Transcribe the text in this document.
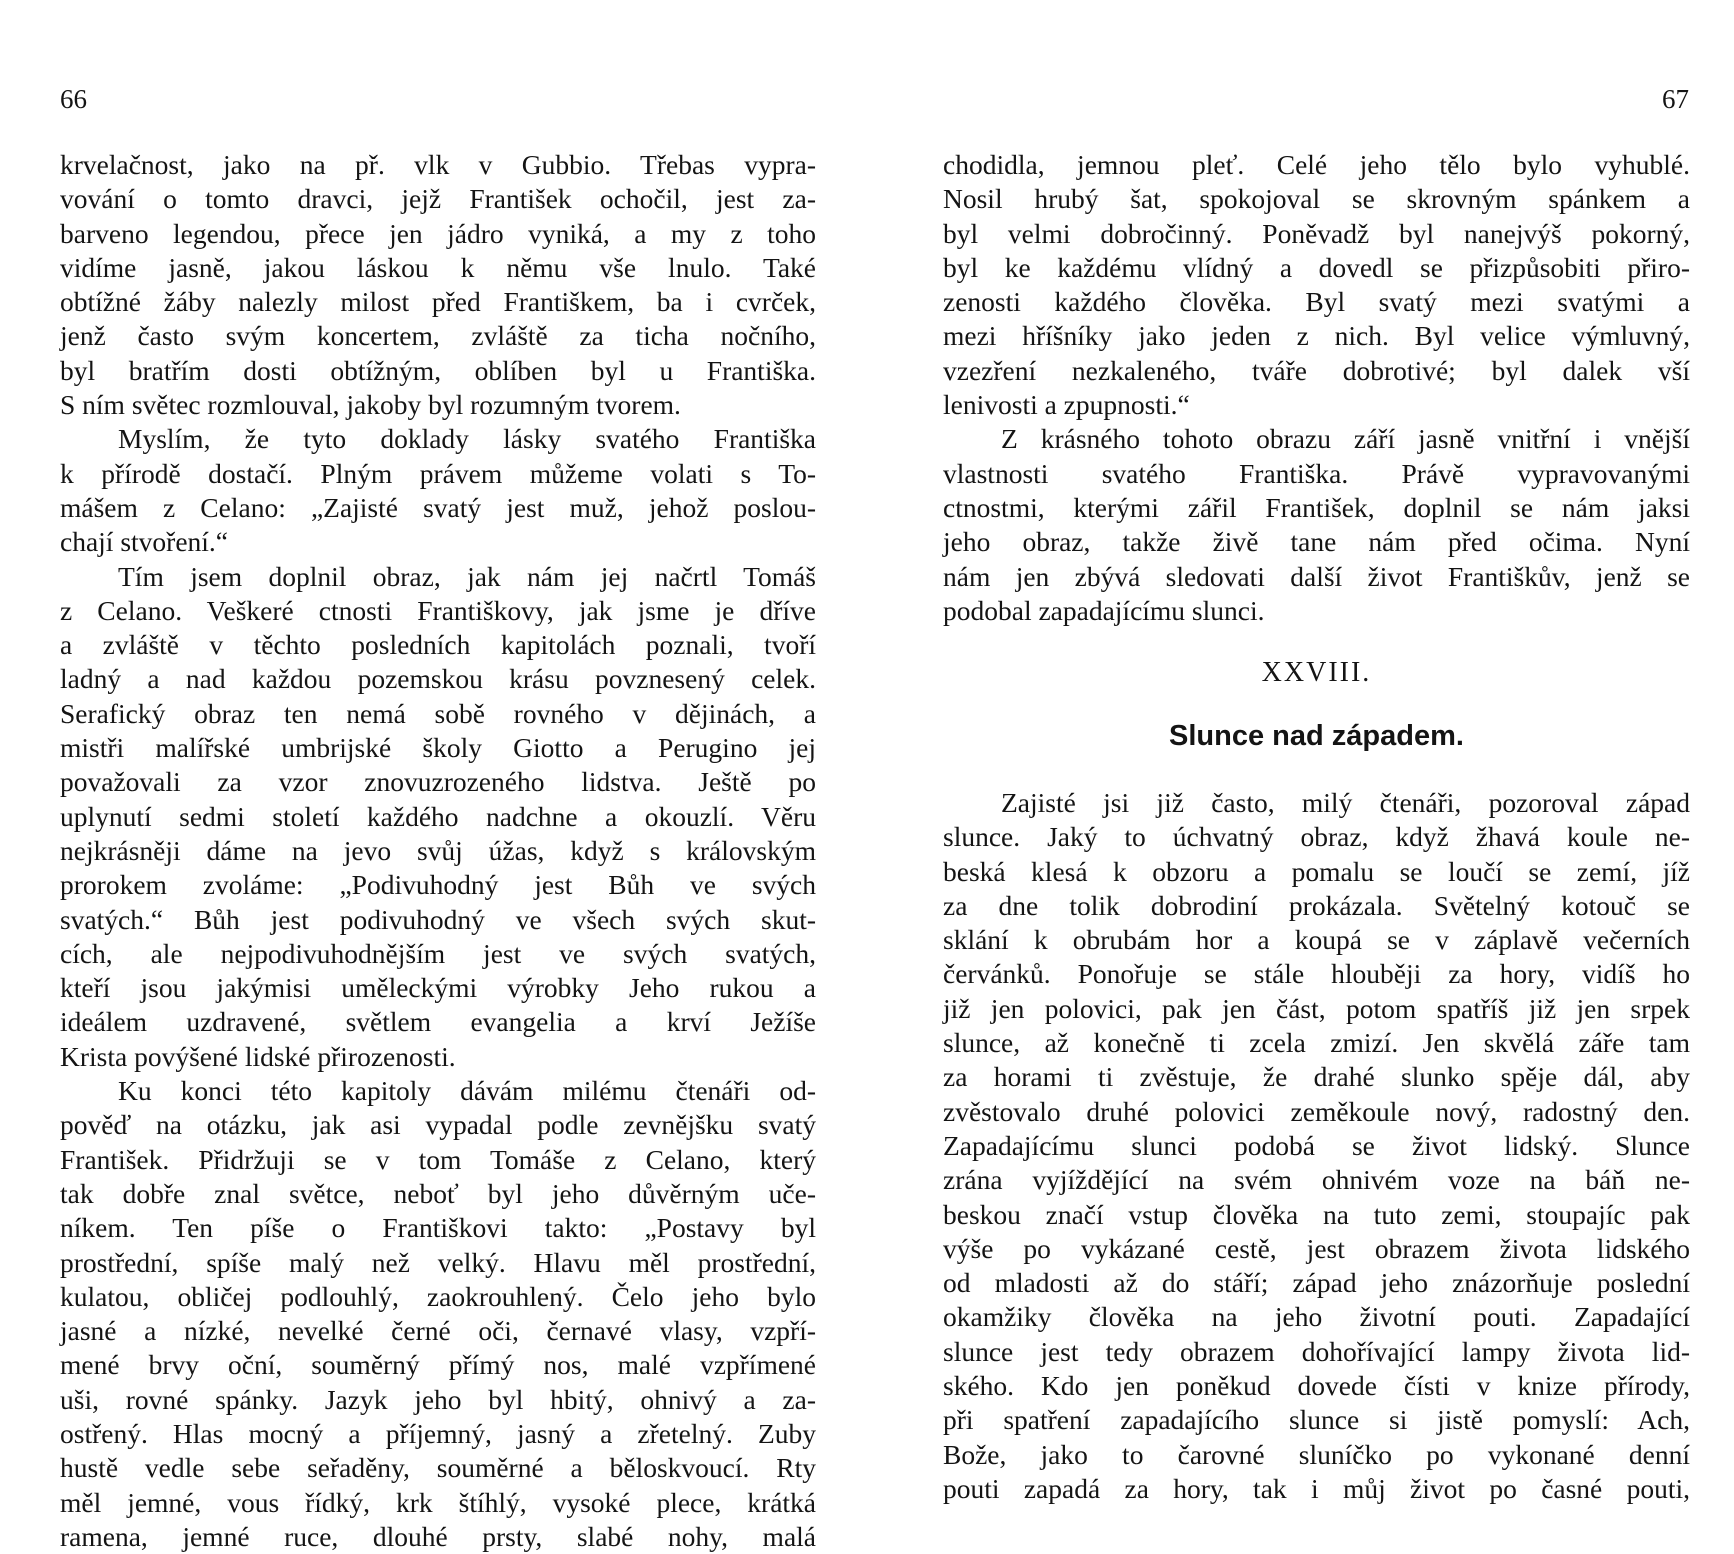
66
krvelačnost, jako na př. vlk v Gubbio. Třebas vypra-
vování o tomto dravci, jejž František ochočil, jest za-
barveno legendou, přece jen jádro vyniká, a my z toho
vidíme jasně, jakou láskou k němu vše lnulo. Také
obtížné žáby nalezly milost před Františkem, ba i cvrček,
jenž často svým koncertem, zvláště za ticha nočního,
byl bratřím dosti obtížným, oblíben byl u Františka.
S ním světec rozmlouval, jakoby byl rozumným tvorem.
Myslím, že tyto doklady lásky svatého Františka
k přírodě dostačí. Plným právem můžeme volati s To-
mášem z Celano: „Zajisté svatý jest muž, jehož poslou-
chají stvoření.“
Tím jsem doplnil obraz, jak nám jej načrtl Tomáš
z Celano. Veškeré ctnosti Františkovy, jak jsme je dříve
a zvláště v těchto posledních kapitolách poznali, tvoří
ladný a nad každou pozemskou krásu povznesený celek.
Serafický obraz ten nemá sobě rovného v dějinách, a
mistři malířské umbrijské školy Giotto a Perugino jej
považovali za vzor znovuzrozeného lidstva. Ještě po
uplynutí sedmi století každého nadchne a okouzlí. Věru
nejkrásněji dáme na jevo svůj úžas, když s královským
prorokem zvoláme: „Podivuhodný jest Bůh ve svých
svatých.“ Bůh jest podivuhodný ve všech svých skut-
cích, ale nejpodivuhodnějším jest ve svých svatých,
kteří jsou jakýmisi uměleckými výrobky Jeho rukou a
ideálem uzdravené, světlem evangelia a krví Ježíše
Krista povýšené lidské přirozenosti.
Ku konci této kapitoly dávám milému čtenáři od-
pověď na otázku, jak asi vypadal podle zevnějšku svatý
František. Přidržuji se v tom Tomáše z Celano, který
tak dobře znal světce, neboť byl jeho důvěrným uče-
níkem. Ten píše o Františkovi takto: „Postavy byl
prostřední, spíše malý než velký. Hlavu měl prostřední,
kulatou, obličej podlouhlý, zaokrouhlený. Čelo jeho bylo
jasné a nízké, nevelké černé oči, černavé vlasy, vzpří-
mené brvy oční, souměrný přímý nos, malé vzpřímené
uši, rovné spánky. Jazyk jeho byl hbitý, ohnivý a za-
ostřený. Hlas mocný a příjemný, jasný a zřetelný. Zuby
hustě vedle sebe seřaděny, souměrné a běloskvoucí. Rty
měl jemné, vous řídký, krk štíhlý, vysoké plece, krátká
ramena, jemné ruce, dlouhé prsty, slabé nohy, malá
67
chodidla, jemnou pleť. Celé jeho tělo bylo vyhublé.
Nosil hrubý šat, spokojoval se skrovným spánkem a
byl velmi dobročinný. Poněvadž byl nanejvýš pokorný,
byl ke každému vlídný a dovedl se přizpůsobiti přiro-
zenosti každého člověka. Byl svatý mezi svatými a
mezi hříšníky jako jeden z nich. Byl velice výmluvný,
vzezření nezkaleného, tváře dobrotivé; byl dalek vší
lenivosti a zpupnosti.“
Z krásného tohoto obrazu září jasně vnitřní i vnější
vlastnosti svatého Františka. Právě vypravovanými
ctnostmi, kterými zářil František, doplnil se nám jaksi
jeho obraz, takže živě tane nám před očima. Nyní
nám jen zbývá sledovati další život Františkův, jenž se
podobal zapadajícímu slunci.
XXVIII.
Slunce nad západem.
Zajisté jsi již často, milý čtenáři, pozoroval západ
slunce. Jaký to úchvatný obraz, když žhavá koule ne-
beská klesá k obzoru a pomalu se loučí se zemí, jíž
za dne tolik dobrodiní prokázala. Světelný kotouč se
sklání k obrubám hor a koupá se v záplavě večerních
červánků. Ponořuje se stále hlouběji za hory, vidíš ho
již jen polovici, pak jen část, potom spatříš již jen srpek
slunce, až konečně ti zcela zmizí. Jen skvělá záře tam
za horami ti zvěstuje, že drahé slunko spěje dál, aby
zvěstovalo druhé polovici zeměkoule nový, radostný den.
Zapadajícímu slunci podobá se život lidský. Slunce
zrána vyjíždějící na svém ohnivém voze na báň ne-
beskou značí vstup člověka na tuto zemi, stoupajíc pak
výše po vykázané cestě, jest obrazem života lidského
od mladosti až do stáří; západ jeho znázorňuje poslední
okamžiky člověka na jeho životní pouti. Zapadající
slunce jest tedy obrazem dohořívající lampy života lid-
ského. Kdo jen poněkud dovede čísti v knize přírody,
při spatření zapadajícího slunce si jistě pomyslí: Ach,
Bože, jako to čarovné sluníčko po vykonané denní
pouti zapadá za hory, tak i můj život po časné pouti,
